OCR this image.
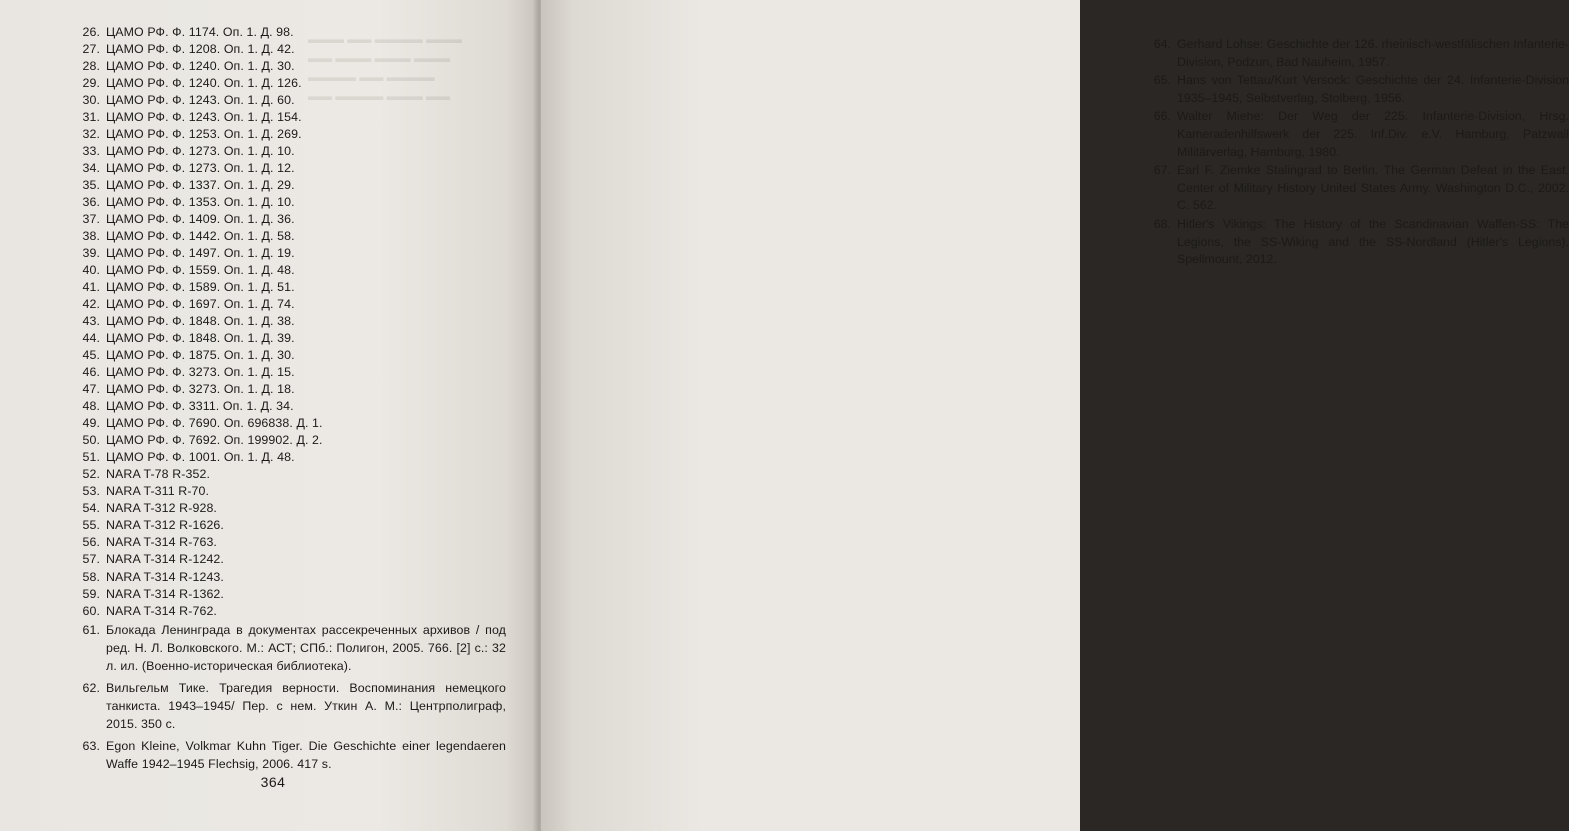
▬▬▬ ▬▬ ▬▬▬▬ ▬▬▬
▬▬ ▬▬▬ ▬▬▬ ▬▬▬
▬▬▬▬ ▬▬ ▬▬▬▬
▬▬ ▬▬▬▬ ▬▬▬ ▬▬
26. ЦАМО РФ. Ф. 1174. Оп. 1. Д. 98.
27. ЦАМО РФ. Ф. 1208. Оп. 1. Д. 42.
28. ЦАМО РФ. Ф. 1240. Оп. 1. Д. 30.
29. ЦАМО РФ. Ф. 1240. Оп. 1. Д. 126.
30. ЦАМО РФ. Ф. 1243. Оп. 1. Д. 60.
31. ЦАМО РФ. Ф. 1243. Оп. 1. Д. 154.
32. ЦАМО РФ. Ф. 1253. Оп. 1. Д. 269.
33. ЦАМО РФ. Ф. 1273. Оп. 1. Д. 10.
34. ЦАМО РФ. Ф. 1273. Оп. 1. Д. 12.
35. ЦАМО РФ. Ф. 1337. Оп. 1. Д. 29.
36. ЦАМО РФ. Ф. 1353. Оп. 1. Д. 10.
37. ЦАМО РФ. Ф. 1409. Оп. 1. Д. 36.
38. ЦАМО РФ. Ф. 1442. Оп. 1. Д. 58.
39. ЦАМО РФ. Ф. 1497. Оп. 1. Д. 19.
40. ЦАМО РФ. Ф. 1559. Оп. 1. Д. 48.
41. ЦАМО РФ. Ф. 1589. Оп. 1. Д. 51.
42. ЦАМО РФ. Ф. 1697. Оп. 1. Д. 74.
43. ЦАМО РФ. Ф. 1848. Оп. 1. Д. 38.
44. ЦАМО РФ. Ф. 1848. Оп. 1. Д. 39.
45. ЦАМО РФ. Ф. 1875. Оп. 1. Д. 30.
46. ЦАМО РФ. Ф. 3273. Оп. 1. Д. 15.
47. ЦАМО РФ. Ф. 3273. Оп. 1. Д. 18.
48. ЦАМО РФ. Ф. 3311. Оп. 1. Д. 34.
49. ЦАМО РФ. Ф. 7690. Оп. 696838. Д. 1.
50. ЦАМО РФ. Ф. 7692. Оп. 199902. Д. 2.
51. ЦАМО РФ. Ф. 1001. Оп. 1. Д. 48.
52. NARA T-78 R-352.
53. NARA T-311 R-70.
54. NARA T-312 R-928.
55. NARA T-312 R-1626.
56. NARA T-314 R-763.
57. NARA T-314 R-1242.
58. NARA T-314 R-1243.
59. NARA T-314 R-1362.
60. NARA T-314 R-762.
61. Блокада Ленинграда в документах рассекреченных архивов / под ред. Н. Л. Волковского. М.: АСТ; СПб.: Полигон, 2005. 766. [2] с.: 32 л. ил. (Военно-историческая библиотека).
62. Вильгельм Тике. Трагедия верности. Воспоминания немецкого танкиста. 1943–1945/ Пер. с нем. Уткин А. М.: Центрполиграф, 2015. 350 с.
63. Egon Kleine, Volkmar Kuhn Tiger. Die Geschichte einer legendaeren Waffe 1942–1945 Flechsig, 2006. 417 s.
364
64. Gerhard Lohse: Geschichte der 126. rheinisch-westfälischen Infanterie-Division, Podzun, Bad Nauheim, 1957.
65. Hans von Tettau/Kurt Versock: Geschichte der 24. Infanterie-Division 1935–1945, Selbstverlag, Stolberg, 1956.
66. Walter Miehe: Der Weg der 225. Infanterie-Division, Hrsg. Kameradenhilfswerk der 225. Inf.Div. e.V. Hamburg, Patzwall Militärverlag, Hamburg, 1980.
67. Earl F. Ziemke Stalingrad to Berlin. The German Defeat in the East. Center of Military History United States Army. Washington D.C., 2002. C. 562.
68. Hitler's Vikings: The History of the Scandinavian Waffen-SS: The Legions, the SS-Wiking and the SS-Nordland (Hitler's Legions). Spellmount, 2012.
